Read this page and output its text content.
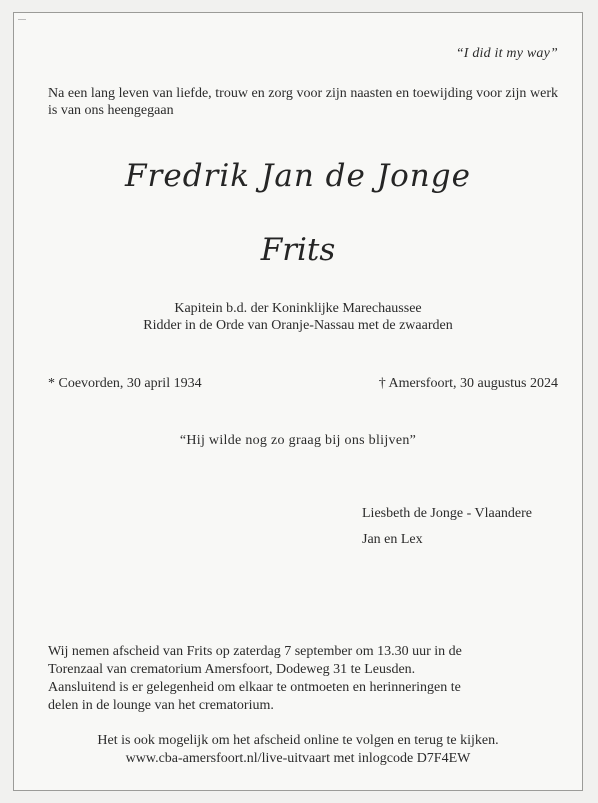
“I did it my way”
Na een lang leven van liefde, trouw en zorg voor zijn naasten en toewijding voor zijn werk is van ons heengegaan
Fredrik Jan de Jonge
Frits
Kapitein b.d. der Koninklijke Marechaussee
Ridder in de Orde van Oranje-Nassau met de zwaarden
* Coevorden, 30 april 1934	† Amersfoort, 30 augustus 2024
“Hij wilde nog zo graag bij ons blijven”
Liesbeth de Jonge - Vlaandere
Jan en Lex
Wij nemen afscheid van Frits op zaterdag 7 september om 13.30 uur in de
Torenzaal van crematorium Amersfoort, Dodeweg 31 te Leusden.
Aansluitend is er gelegenheid om elkaar te ontmoeten en herinneringen te
delen in de lounge van het crematorium.
Het is ook mogelijk om het afscheid online te volgen en terug te kijken.
www.cba-amersfoort.nl/live-uitvaart met inlogcode D7F4EW
